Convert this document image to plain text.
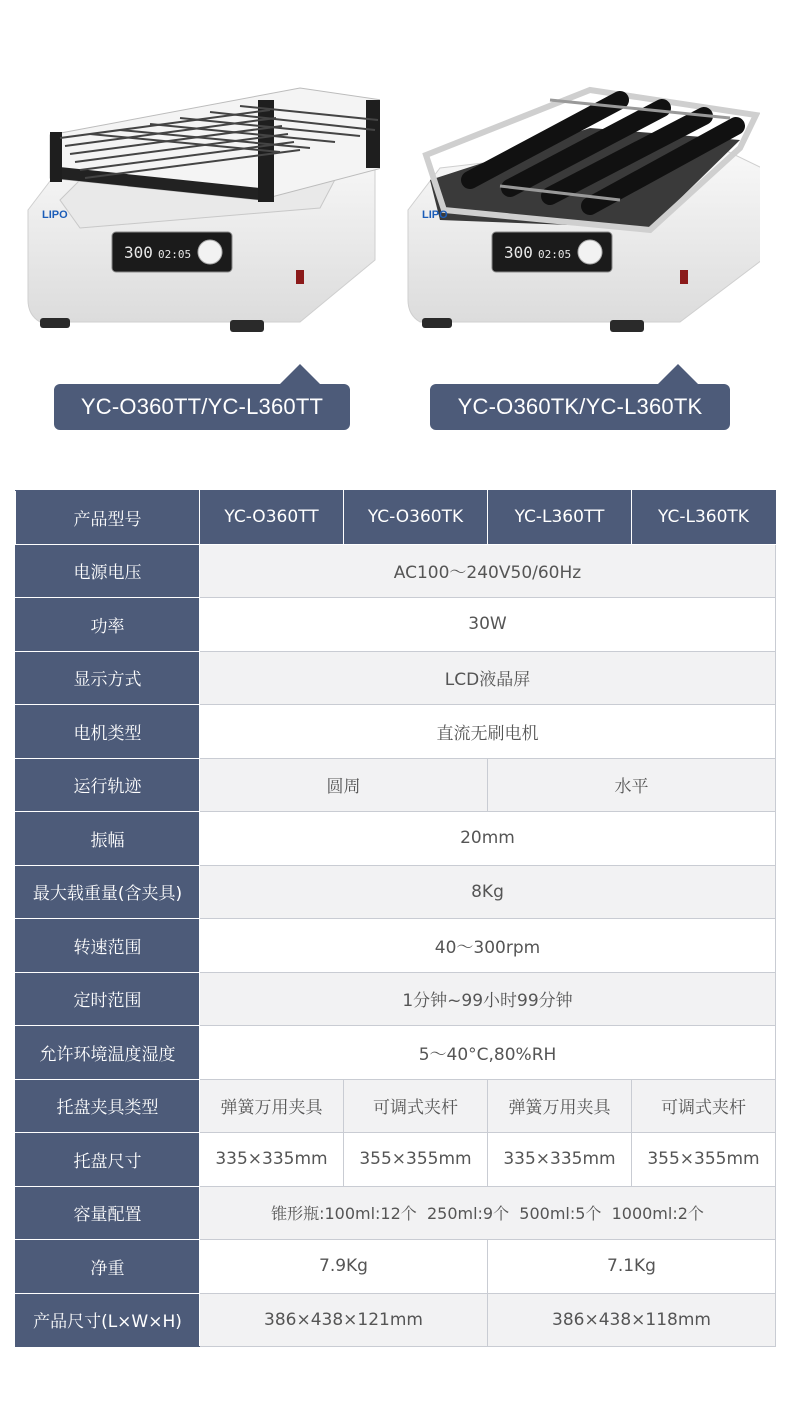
LIPO
300 02:05
LIPO
300 02:05
YC-O360TT/YC-L360TT	YC-O360TK/YC-L360TK
产品型号	YC-O360TT	YC-O360TK	YC-L360TT	YC-L360TK
电源电压	AC100～240V50/60Hz			
功率	30W			
显示方式	LCD液晶屏			
电机类型	直流无刷电机			
运行轨迹	圆周		水平	
振幅	20mm			
最大载重量(含夹具)	8Kg			
转速范围	40～300rpm			
定时范围	1分钟~99小时99分钟			
允许环境温度湿度	5～40°C,80%RH			
托盘夹具类型	弹簧万用夹具	可调式夹杆	弹簧万用夹具	可调式夹杆
托盘尺寸	335×335mm	355×355mm	335×335mm	355×355mm
容量配置	锥形瓶:100ml:12个  250ml:9个  500ml:5个  1000ml:2个			
净重	7.9Kg		7.1Kg	
产品尺寸(L×W×H)	386×438×121mm		386×438×118mm	
